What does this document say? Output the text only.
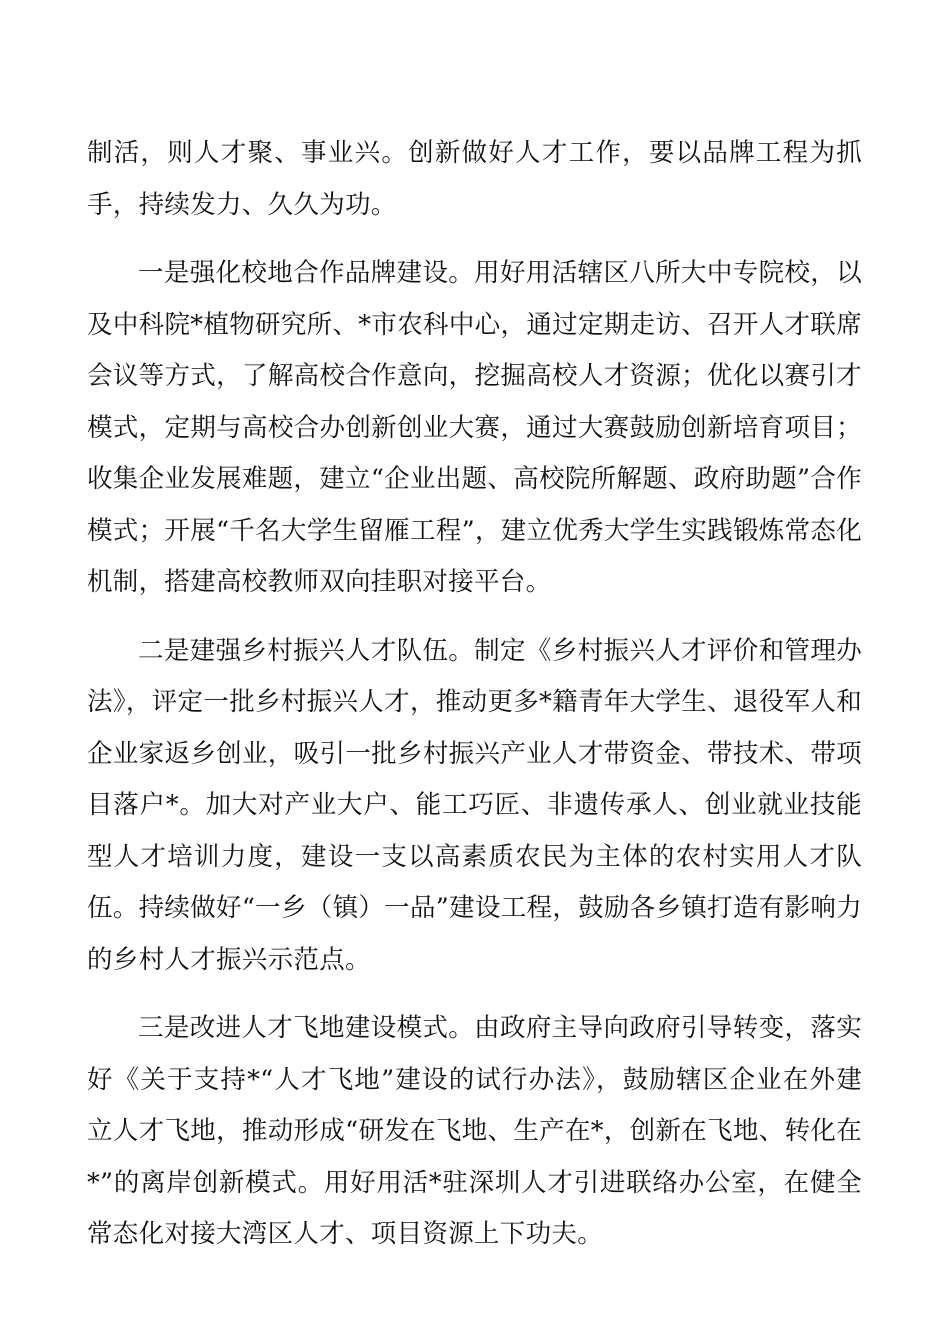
制活，则人才聚、事业兴。创新做好人才工作，要以品牌工程为抓手，持续发力、久久为功。

一是强化校地合作品牌建设。用好用活辖区八所大中专院校，以及中科院*植物研究所、*市农科中心，通过定期走访、召开人才联席会议等方式，了解高校合作意向，挖掘高校人才资源；优化以赛引才模式，定期与高校合办创新创业大赛，通过大赛鼓励创新培育项目；收集企业发展难题，建立“企业出题、高校院所解题、政府助题”合作模式；开展“千名大学生留雁工程”，建立优秀大学生实践锻炼常态化机制，搭建高校教师双向挂职对接平台。

二是建强乡村振兴人才队伍。制定《乡村振兴人才评价和管理办法》，评定一批乡村振兴人才，推动更多*籍青年大学生、退役军人和企业家返乡创业，吸引一批乡村振兴产业人才带资金、带技术、带项目落户*。加大对产业大户、能工巧匠、非遗传承人、创业就业技能型人才培训力度，建设一支以高素质农民为主体的农村实用人才队伍。持续做好“一乡（镇）一品”建设工程，鼓励各乡镇打造有影响力的乡村人才振兴示范点。

三是改进人才飞地建设模式。由政府主导向政府引导转变，落实好《关于支持*“人才飞地”建设的试行办法》，鼓励辖区企业在外建立人才飞地，推动形成“研发在飞地、生产在*，创新在飞地、转化在*”的离岸创新模式。用好用活*驻深圳人才引进联络办公室，在健全常态化对接大湾区人才、项目资源上下功夫。
